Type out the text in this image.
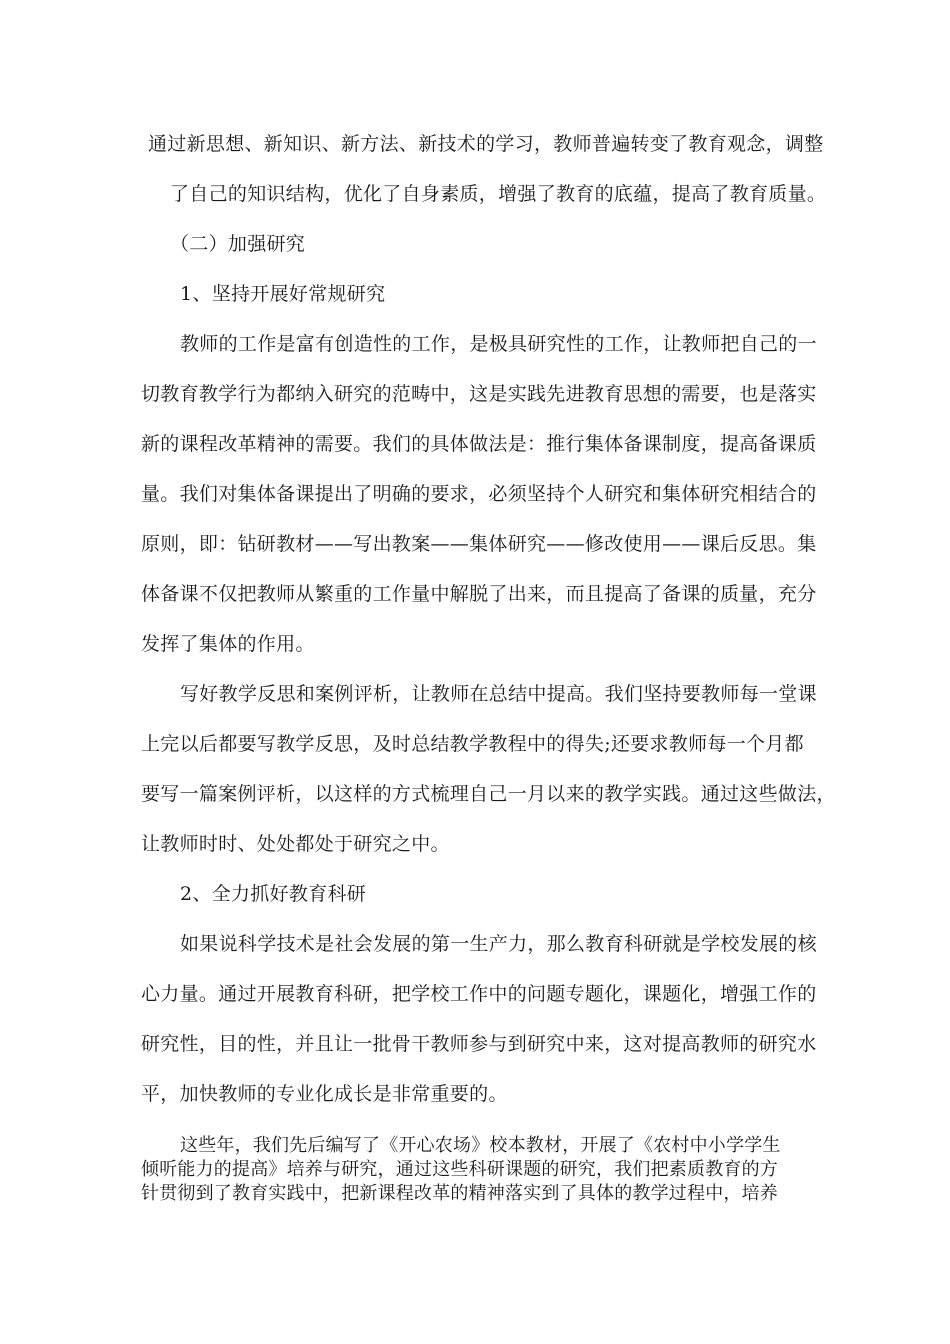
通过新思想、新知识、新方法、新技术的学习，教师普遍转变了教育观念，调整
了自己的知识结构，优化了自身素质，增强了教育的底蕴，提高了教育质量。
（二）加强研究
1、坚持开展好常规研究
教师的工作是富有创造性的工作，是极具研究性的工作，让教师把自己的一
切教育教学行为都纳入研究的范畴中，这是实践先进教育思想的需要，也是落实
新的课程改革精神的需要。我们的具体做法是：推行集体备课制度，提高备课质
量。我们对集体备课提出了明确的要求，必须坚持个人研究和集体研究相结合的
原则，即：钻研教材——写出教案——集体研究——修改使用——课后反思。集
体备课不仅把教师从繁重的工作量中解脱了出来，而且提高了备课的质量，充分
发挥了集体的作用。
写好教学反思和案例评析，让教师在总结中提高。我们坚持要教师每一堂课
上完以后都要写教学反思，及时总结教学教程中的得失;还要求教师每一个月都
要写一篇案例评析，以这样的方式梳理自己一月以来的教学实践。通过这些做法，
让教师时时、处处都处于研究之中。
2、全力抓好教育科研
如果说科学技术是社会发展的第一生产力，那么教育科研就是学校发展的核
心力量。通过开展教育科研，把学校工作中的问题专题化，课题化，增强工作的
研究性，目的性，并且让一批骨干教师参与到研究中来，这对提高教师的研究水
平，加快教师的专业化成长是非常重要的。
这些年，我们先后编写了《开心农场》校本教材，开展了《农村中小学学生
倾听能力的提高》培养与研究，通过这些科研课题的研究，我们把素质教育的方
针贯彻到了教育实践中，把新课程改革的精神落实到了具体的教学过程中，培养
